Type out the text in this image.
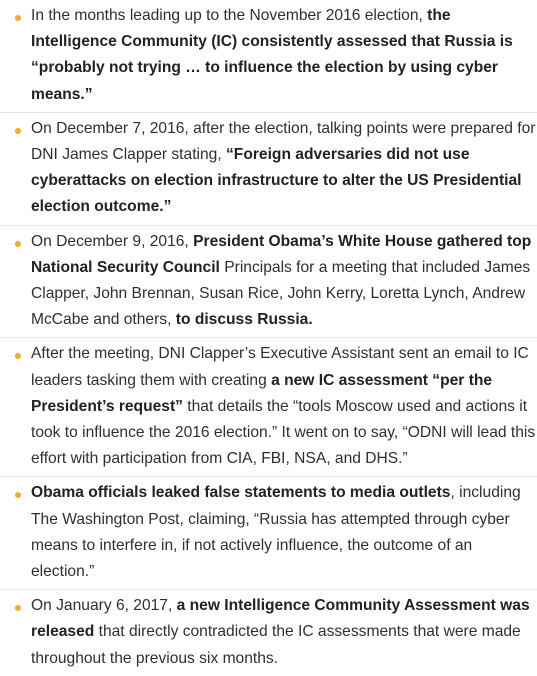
In the months leading up to the November 2016 election, the Intelligence Community (IC) consistently assessed that Russia is “probably not trying … to influence the election by using cyber means.”
On December 7, 2016, after the election, talking points were prepared for DNI James Clapper stating, “Foreign adversaries did not use cyberattacks on election infrastructure to alter the US Presidential election outcome.”
On December 9, 2016, President Obama’s White House gathered top National Security Council Principals for a meeting that included James Clapper, John Brennan, Susan Rice, John Kerry, Loretta Lynch, Andrew McCabe and others, to discuss Russia.
After the meeting, DNI Clapper’s Executive Assistant sent an email to IC leaders tasking them with creating a new IC assessment “per the President’s request” that details the “tools Moscow used and actions it took to influence the 2016 election.” It went on to say, “ODNI will lead this effort with participation from CIA, FBI, NSA, and DHS.”
Obama officials leaked false statements to media outlets, including The Washington Post, claiming, “Russia has attempted through cyber means to interfere in, if not actively influence, the outcome of an election.”
On January 6, 2017, a new Intelligence Community Assessment was released that directly contradicted the IC assessments that were made throughout the previous six months.
